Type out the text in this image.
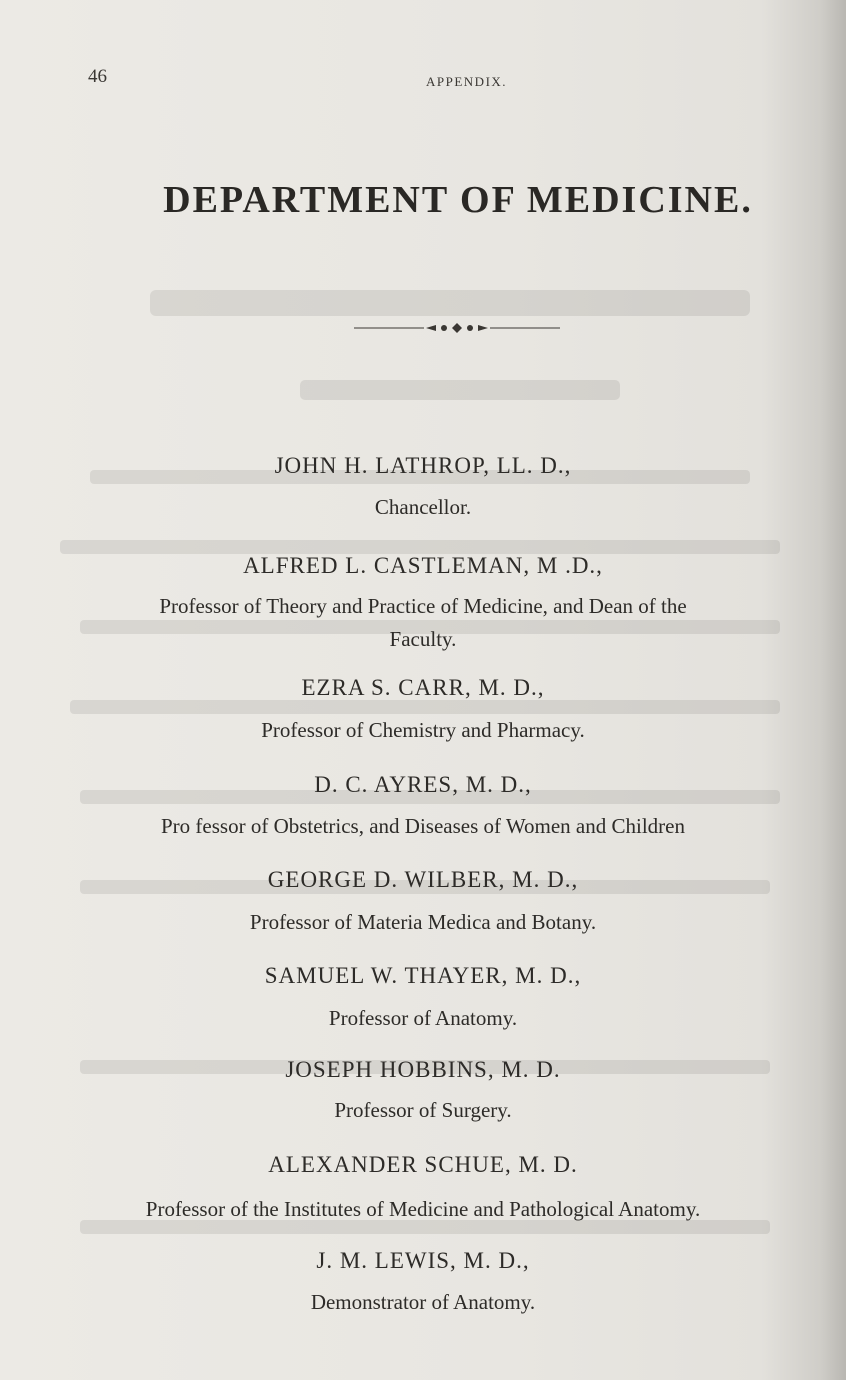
46	APPENDIX.
DEPARTMENT OF MEDICINE.
JOHN H. LATHROP, LL. D.,
Chancellor.
ALFRED L. CASTLEMAN, M .D.,
Professor of Theory and Practice of Medicine, and Dean of the
Faculty.
EZRA S. CARR, M. D.,
Professor of Chemistry and Pharmacy.
D. C. AYRES, M. D.,
Pro fessor of Obstetrics, and Diseases of Women and Children
GEORGE D. WILBER, M. D.,
Professor of Materia Medica and Botany.
SAMUEL W. THAYER, M. D.,
Professor of Anatomy.
JOSEPH HOBBINS, M. D.
Professor of Surgery.
ALEXANDER SCHUE, M. D.
Professor of the Institutes of Medicine and Pathological Anatomy.
J. M. LEWIS, M. D.,
Demonstrator of Anatomy.
